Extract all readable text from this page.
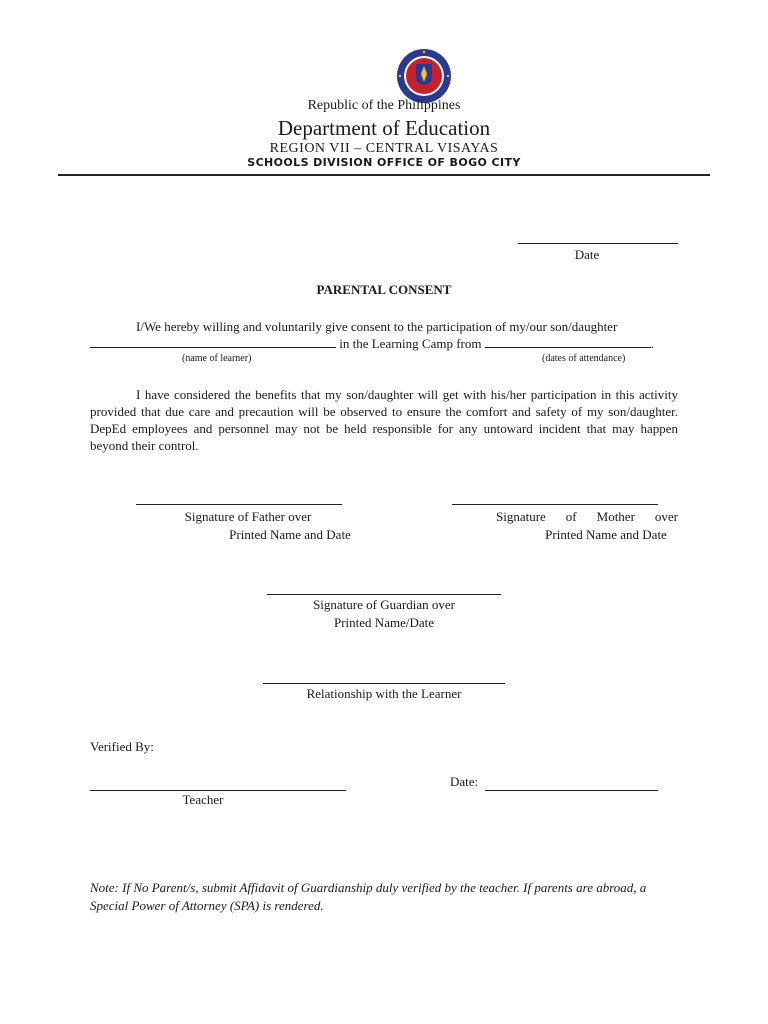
Republic of the Philippines
Department of Education
REGION VII – CENTRAL VISAYAS
SCHOOLS DIVISION OFFICE OF BOGO CITY
Date
PARENTAL CONSENT
I/We hereby willing and voluntarily give consent to the participation of my/our son/daughter
in the Learning Camp from	.
(name of learner)	(dates of attendance)
I have considered the benefits that my son/daughter will get with his/her participation in this activity provided that due care and precaution will be observed to ensure the comfort and safety of my son/daughter. DepEd employees and personnel may not be held responsible for any untoward incident that may happen beyond their control.
Signature of Father over
Printed Name and Date
Signature of Mother over
Printed Name and Date
Signature of Guardian over
Printed Name/Date
Relationship with the Learner
Verified By:
Teacher
Date:
Note: If No Parent/s, submit Affidavit of Guardianship duly verified by the teacher. If parents are abroad, a Special Power of Attorney (SPA) is rendered.
